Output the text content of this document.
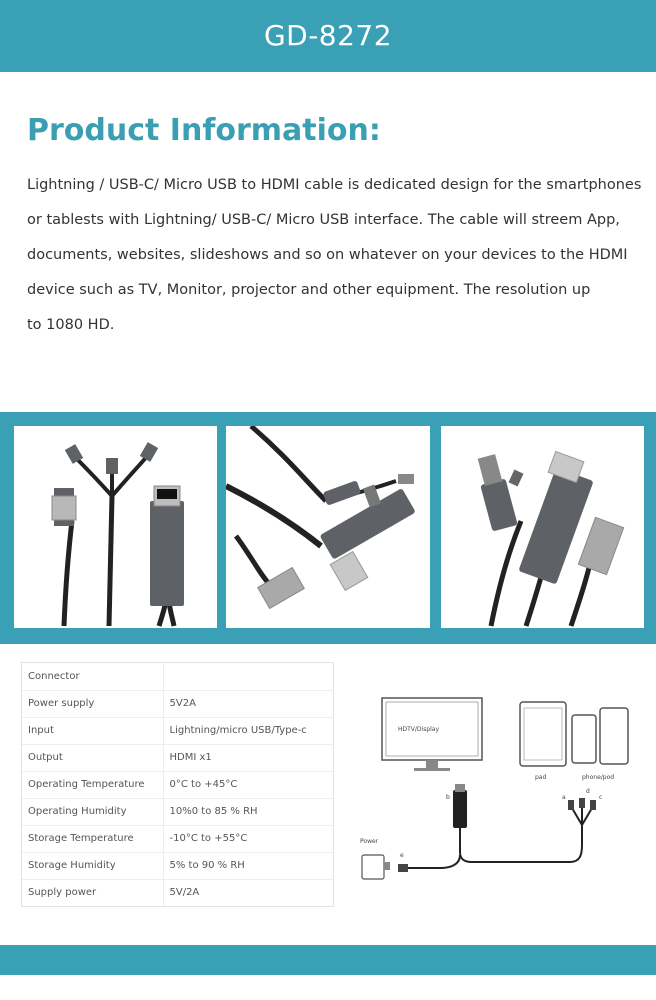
GD-8272
Product Information:
Lightning / USB-C/ Micro USB to HDMI cable is dedicated design for the smartphones
or tablests with Lightning/ USB-C/ Micro USB interface. The cable will streem App,
documents, websites, slideshows and so on whatever on your devices to the HDMI
device such as TV, Monitor, projector and other equipment. The resolution up
to 1080 HD.
Connector	
Power supply	5V2A
Input	Lightning/micro USB/Type-c
Output	HDMI x1
Operating Temperature	0°C to +45°C
Operating Humidity	10%0 to 85 % RH
Storage Temperature	-10°C to +55°C
Storage Humidity	5% to 90 % RH
Supply power	5V/2A
HDTV/Display
Power
pad	phone/pod
b	a	c
e
d
